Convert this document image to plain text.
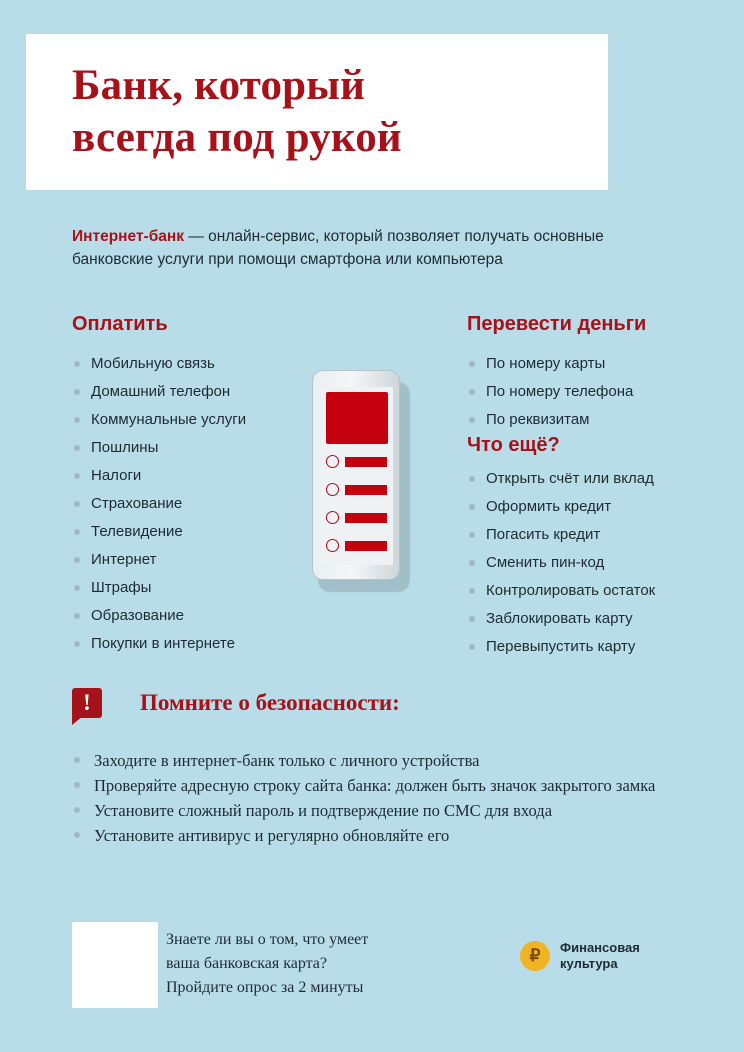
Банк, который
всегда под рукой
Интернет-банк — онлайн-сервис, который позволяет получать основные банковские услуги при помощи смартфона или компьютера
Оплатить
Мобильную связь
Домашний телефон
Коммунальные услуги
Пошлины
Налоги
Страхование
Телевидение
Интернет
Штрафы
Образование
Покупки в интернете
Перевести деньги
По номеру карты
По номеру телефона
По реквизитам
Что ещё?
Открыть счёт или вклад
Оформить кредит
Погасить кредит
Сменить пин-код
Контролировать остаток
Заблокировать карту
Перевыпустить карту
!	Помните о безопасности:
Заходите в интернет-банк только с личного устройства
Проверяйте адресную строку сайта банка: должен быть значок закрытого замка
Установите сложный пароль и подтверждение по СМС для входа
Установите антивирус и регулярно обновляйте его
Знаете ли вы о том, что умеет
ваша банковская карта?
Пройдите опрос за 2 минуты
₽	Финансовая
культура
